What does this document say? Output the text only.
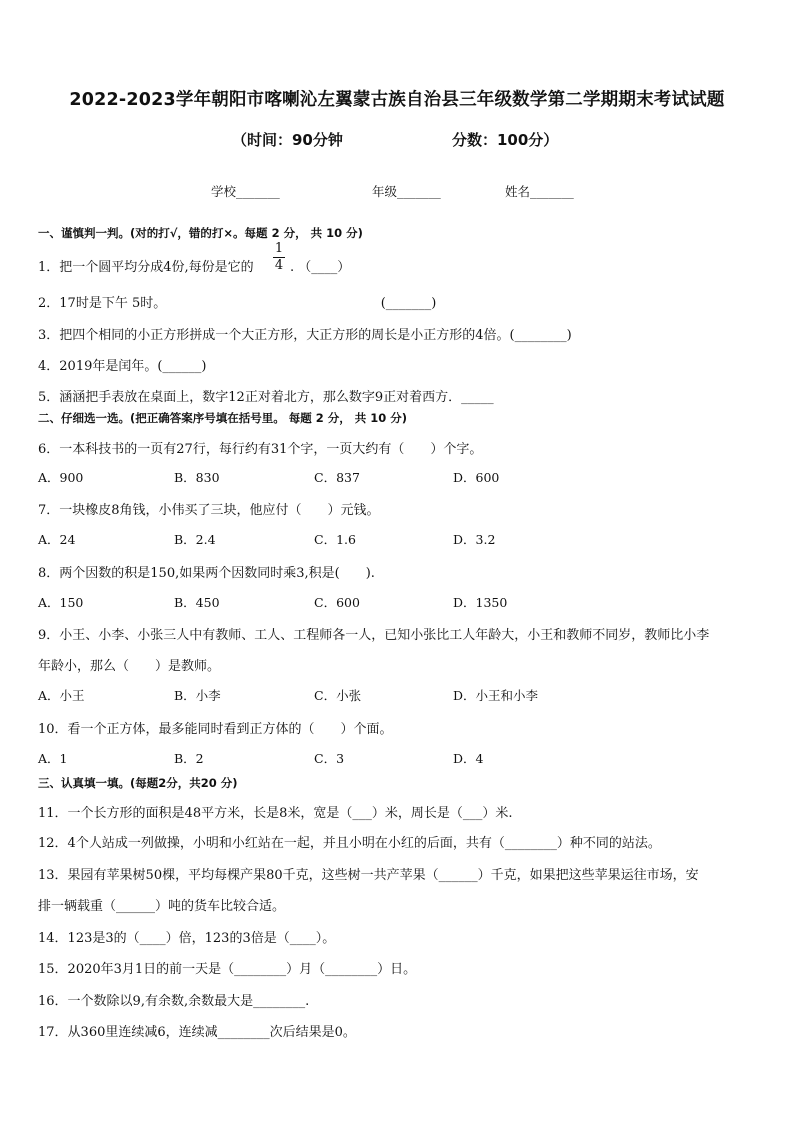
2022-2023学年朝阳市喀喇沁左翼蒙古族自治县三年级数学第二学期期末考试试题
（时间：90分钟	分数：100分）
学校_______	年级_______	姓名_______
一、谨慎判一判。(对的打√，错的打×。每题 2 分， 共 10 分)
1．把一个圆平均分成4份,每份是它的
1
4 . （____）
2．17时是下午 5时。　　　　　　　　　　　　　　　　　(_______)
3．把四个相同的小正方形拼成一个大正方形，大正方形的周长是小正方形的4倍。(________)
4．2019年是闰年。(______)
5．涵涵把手表放在桌面上，数字12正对着北方，那么数字9正对着西方．_____
二、仔细选一选。(把正确答案序号填在括号里。 每题 2 分， 共 10 分)
6．一本科技书的一页有27行，每行约有31个字，一页大约有（　　）个字。
A．900	B．830	C．837	D．600
7．一块橡皮8角钱，小伟买了三块，他应付（　　）元钱。
A．24	B．2.4	C．1.6	D．3.2
8．两个因数的积是150,如果两个因数同时乘3,积是(　　).
A．150	B．450	C．600	D．1350
9．小王、小李、小张三人中有教师、工人、工程师各一人，已知小张比工人年龄大，小王和教师不同岁，教师比小李
年龄小，那么（　　）是教师。
A．小王	B．小李	C．小张	D．小王和小李
10．看一个正方体，最多能同时看到正方体的（　　）个面。
A．1	B．2	C．3	D．4
三、认真填一填。(每题2分，共20 分)
11．一个长方形的面积是48平方米，长是8米，宽是（___）米，周长是（___）米.
12．4个人站成一列做操，小明和小红站在一起，并且小明在小红的后面，共有（________）种不同的站法。
13．果园有苹果树50棵，平均每棵产果80千克，这些树一共产苹果（______）千克，如果把这些苹果运往市场，安
排一辆载重（______）吨的货车比较合适。
14．123是3的（____）倍，123的3倍是（____）。
15．2020年3月1日的前一天是（________）月（________）日。
16．一个数除以9,有余数,余数最大是________.
17．从360里连续减6，连续减________次后结果是0。
